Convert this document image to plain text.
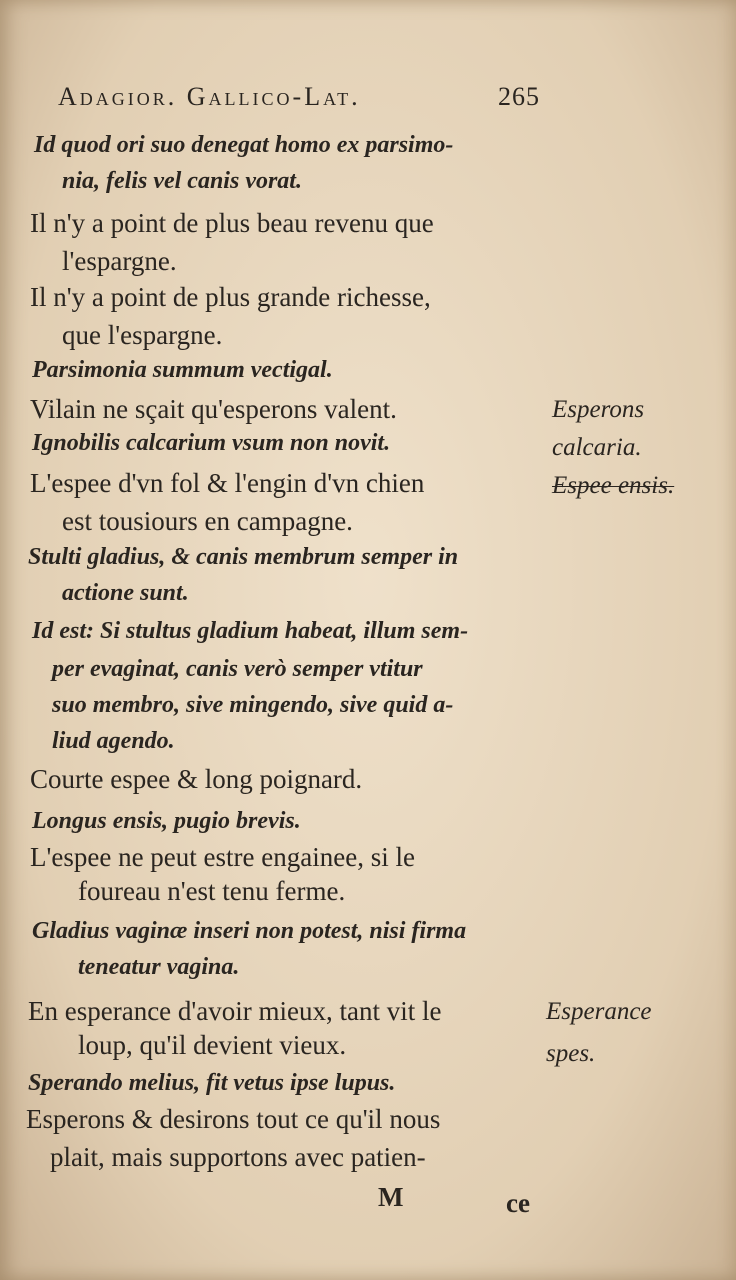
Adagior. Gallico-Lat.	265
Id quod ori suo denegat homo ex parsimo-
nia, felis vel canis vorat.
Il n'y a point de plus beau revenu que
l'espargne.
Il n'y a point de plus grande richesse,
que l'espargne.
Parsimonia summum vectigal.
Vilain ne sçait qu'esperons valent.
Ignobilis calcarium vsum non novit.
L'espee d'vn fol & l'engin d'vn chien
est tousiours en campagne.
Stulti gladius, & canis membrum semper in
actione sunt.
Id est: Si stultus gladium habeat, illum sem-
per evaginat, canis verò semper vtitur
suo membro, sive mingendo, sive quid a-
liud agendo.
Courte espee & long poignard.
Longus ensis, pugio brevis.
L'espee ne peut estre engainee, si le
foureau n'est tenu ferme.
Gladius vaginæ inseri non potest, nisi firma
teneatur vagina.
En esperance d'avoir mieux, tant vit le
loup, qu'il devient vieux.
Sperando melius, fit vetus ipse lupus.
Esperons & desirons tout ce qu'il nous
plait, mais supportons avec patien-
Esperons
calcaria.
Espee ensis.
Esperance
spes.
M	ce
